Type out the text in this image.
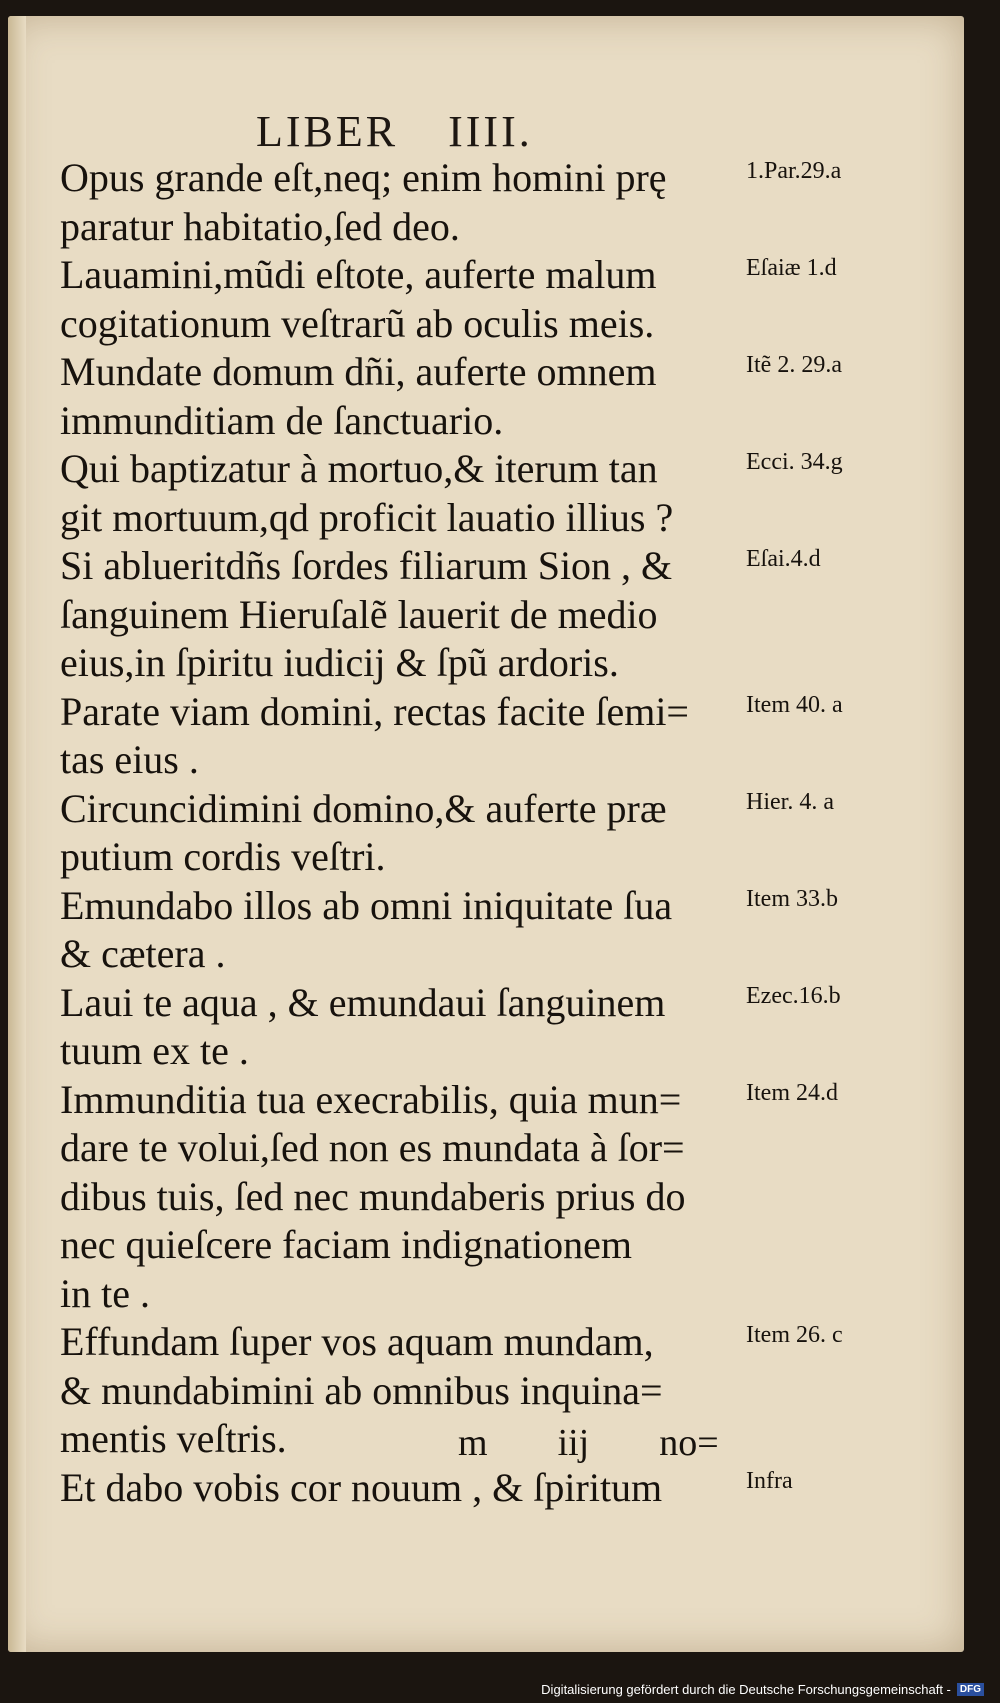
LIBER IIII.
Opus grande eſt,neq; enim homini prę
paratur habitatio,ſed deo.
Lauamini,mũdi eſtote, auferte malum
cogitationum veſtrarũ ab oculis meis.
Mundate domum dñi, auferte omnem
immunditiam de ſanctuario.
Qui baptizatur à mortuo,& iterum tan
git mortuum,qd proficit lauatio illius ?
Si ablueritdñs ſordes filiarum Sion , &
ſanguinem Hieruſalẽ lauerit de medio
eius,in ſpiritu iudicij & ſpũ ardoris.
Parate viam domini, rectas facite ſemi=
tas eius .
Circuncidimini domino,& auferte præ
putium cordis veſtri.
Emundabo illos ab omni iniquitate ſua
& cætera .
Laui te aqua , & emundaui ſanguinem
tuum ex te .
Immunditia tua execrabilis, quia mun=
dare te volui,ſed non es mundata à ſor=
dibus tuis, ſed nec mundaberis prius do
nec quieſcere faciam indignationem
in te .
Effundam ſuper vos aquam mundam,
& mundabimini ab omnibus inquina=
mentis veſtris.
Et dabo vobis cor nouum , & ſpiritum
1.Par.29.a
Eſaiæ 1.d
Itẽ 2. 29.a
Ecci. 34.g
Eſai.4.d
Item 40. a
Hier. 4. a
Item 33.b
Ezec.16.b
Item 24.d
Item 26. c
Infra
m iij no=
Digitalisierung gefördert durch die Deutsche Forschungsgemeinschaft - DFG
